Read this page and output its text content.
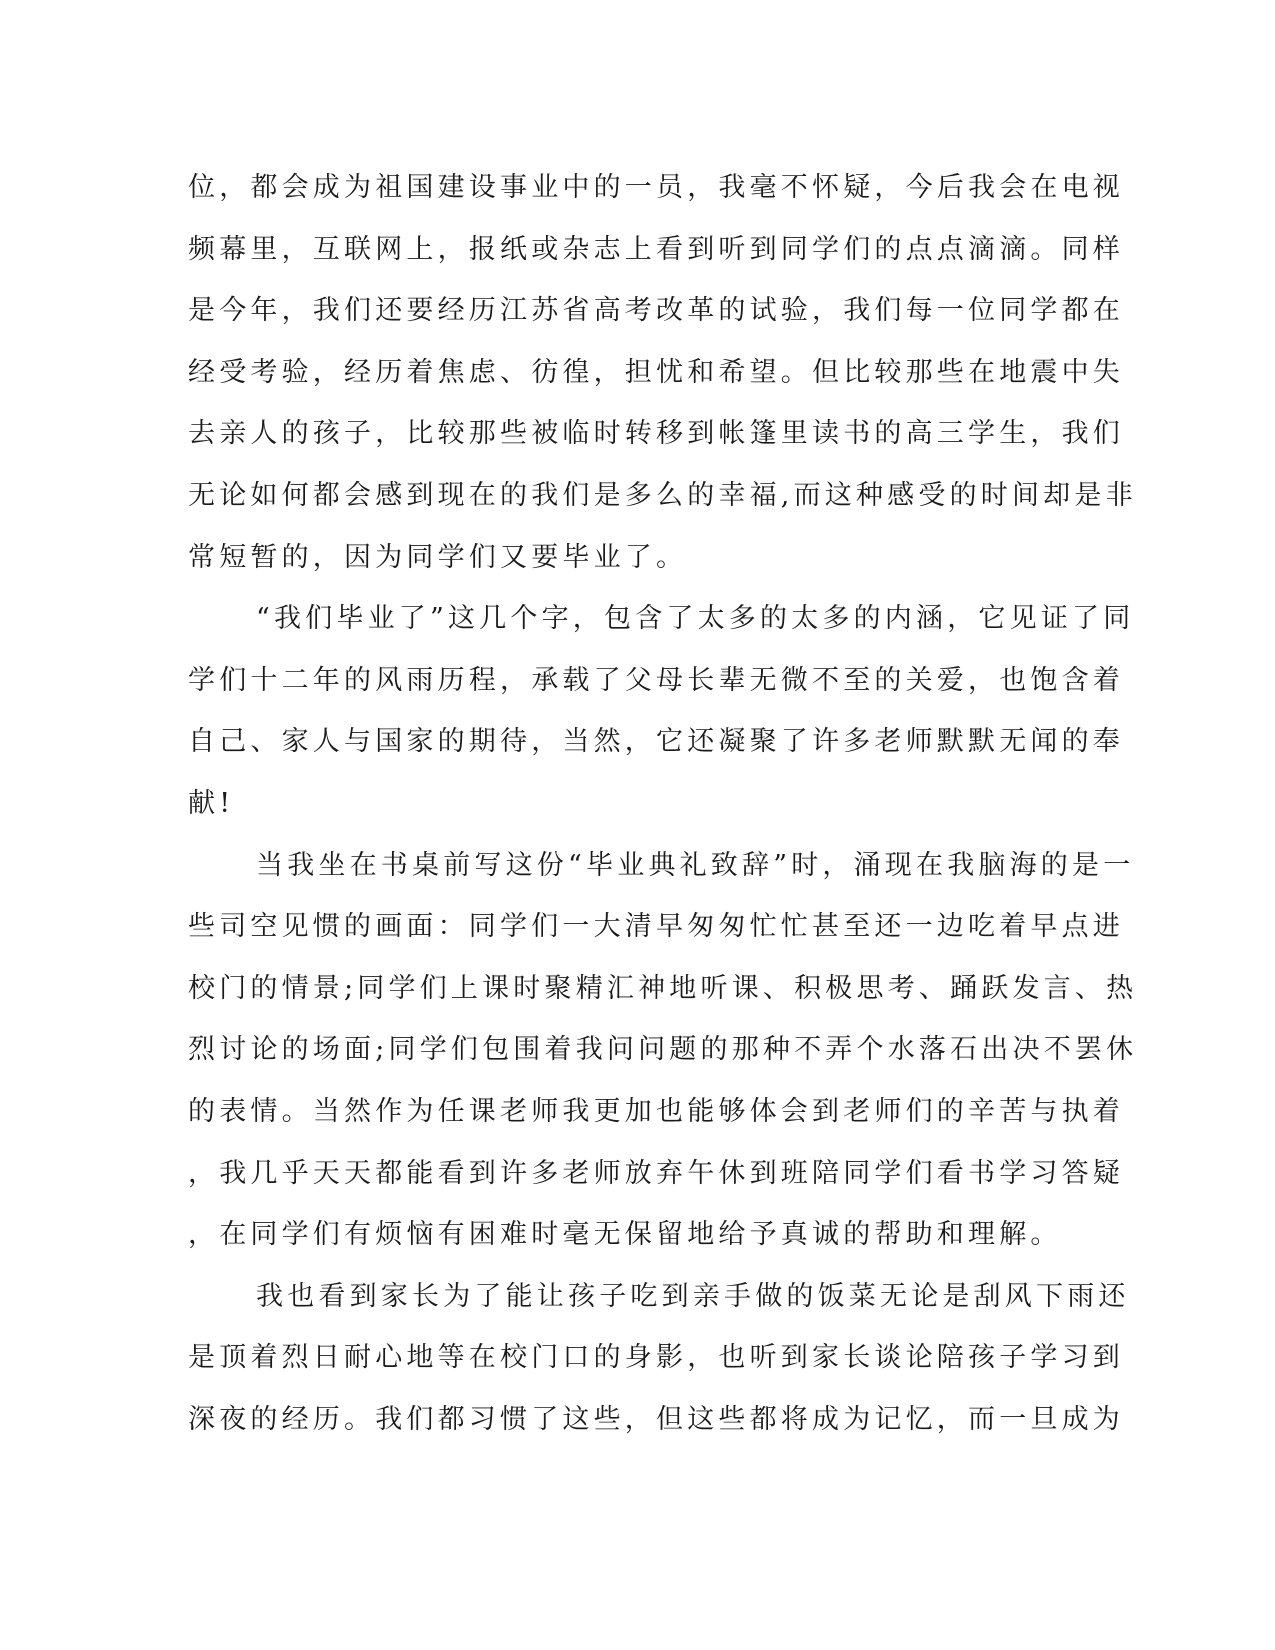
位，都会成为祖国建设事业中的一员，我毫不怀疑，今后我会在电视
频幕里，互联网上，报纸或杂志上看到听到同学们的点点滴滴。同样
是今年，我们还要经历江苏省高考改革的试验，我们每一位同学都在
经受考验，经历着焦虑、彷徨，担忧和希望。但比较那些在地震中失
去亲人的孩子，比较那些被临时转移到帐篷里读书的高三学生，我们
无论如何都会感到现在的我们是多么的幸福,而这种感受的时间却是非
常短暂的，因为同学们又要毕业了。
“我们毕业了”这几个字，包含了太多的太多的内涵，它见证了同
学们十二年的风雨历程，承载了父母长辈无微不至的关爱，也饱含着
自己、家人与国家的期待，当然，它还凝聚了许多老师默默无闻的奉
献!
当我坐在书桌前写这份“毕业典礼致辞”时，涌现在我脑海的是一
些司空见惯的画面：同学们一大清早匆匆忙忙甚至还一边吃着早点进
校门的情景;同学们上课时聚精汇神地听课、积极思考、踊跃发言、热
烈讨论的场面;同学们包围着我问问题的那种不弄个水落石出决不罢休
的表情。当然作为任课老师我更加也能够体会到老师们的辛苦与执着
，我几乎天天都能看到许多老师放弃午休到班陪同学们看书学习答疑
，在同学们有烦恼有困难时毫无保留地给予真诚的帮助和理解。
我也看到家长为了能让孩子吃到亲手做的饭菜无论是刮风下雨还
是顶着烈日耐心地等在校门口的身影，也听到家长谈论陪孩子学习到
深夜的经历。我们都习惯了这些，但这些都将成为记忆，而一旦成为
